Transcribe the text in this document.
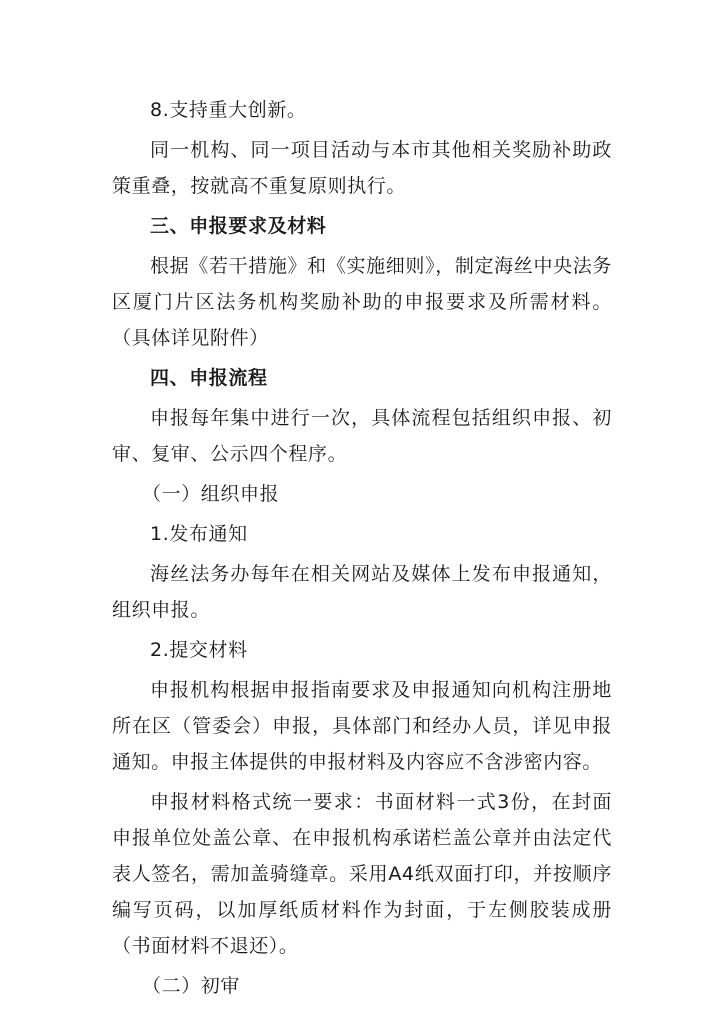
8.支持重大创新。

同一机构、同一项目活动与本市其他相关奖励补助政策重叠，按就高不重复原则执行。

三、申报要求及材料

根据《若干措施》和《实施细则》，制定海丝中央法务区厦门片区法务机构奖励补助的申报要求及所需材料。（具体详见附件）

四、申报流程

申报每年集中进行一次，具体流程包括组织申报、初审、复审、公示四个程序。

（一）组织申报

1.发布通知

海丝法务办每年在相关网站及媒体上发布申报通知，组织申报。

2.提交材料

申报机构根据申报指南要求及申报通知向机构注册地所在区（管委会）申报，具体部门和经办人员，详见申报通知。申报主体提供的申报材料及内容应不含涉密内容。

申报材料格式统一要求：书面材料一式3份，在封面申报单位处盖公章、在申报机构承诺栏盖公章并由法定代表人签名，需加盖骑缝章。采用A4纸双面打印，并按顺序编写页码，以加厚纸质材料作为封面，于左侧胶装成册（书面材料不退还）。

（二）初审
